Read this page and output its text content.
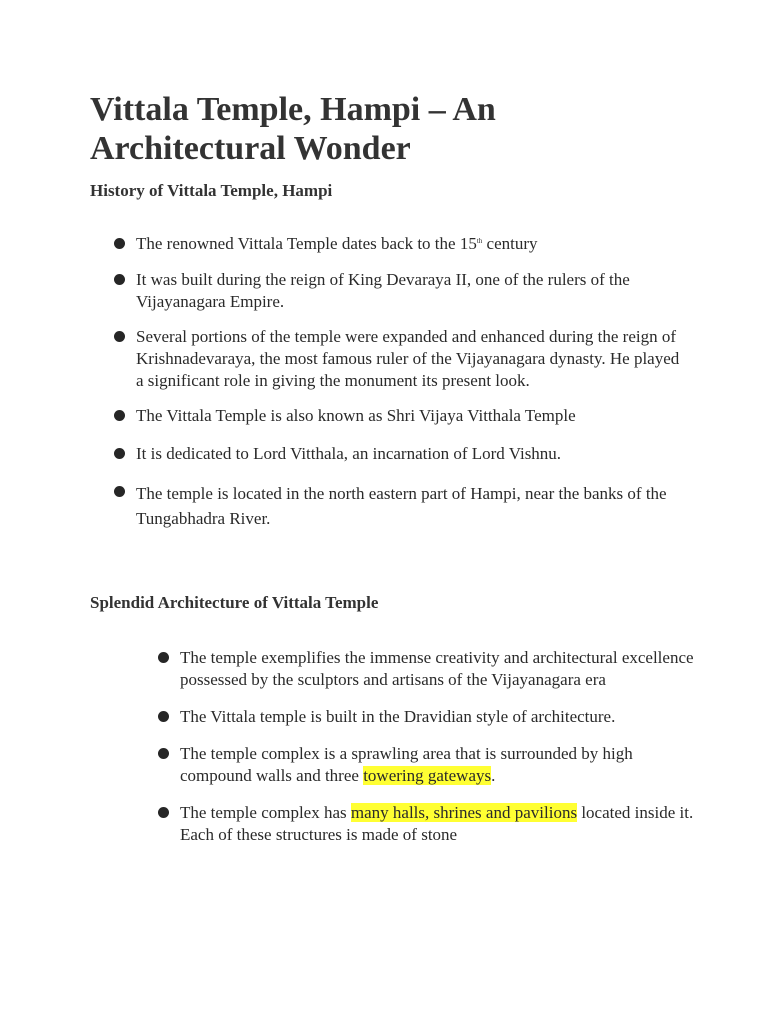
Vittala Temple, Hampi – An Architectural Wonder
History of Vittala Temple, Hampi
The renowned Vittala Temple dates back to the 15th century
It was built during the reign of King Devaraya II, one of the rulers of the Vijayanagara Empire.
Several portions of the temple were expanded and enhanced during the reign of Krishnadevaraya, the most famous ruler of the Vijayanagara dynasty. He played a significant role in giving the monument its present look.
The Vittala Temple is also known as Shri Vijaya Vitthala Temple
It is dedicated to Lord Vitthala, an incarnation of Lord Vishnu.
The temple is located in the north eastern part of Hampi, near the banks of the Tungabhadra River.
Splendid Architecture of Vittala Temple
The temple exemplifies the immense creativity and architectural excellence possessed by the sculptors and artisans of the Vijayanagara era
The Vittala temple is built in the Dravidian style of architecture.
The temple complex is a sprawling area that is surrounded by high compound walls and three towering gateways.
The temple complex has many halls, shrines and pavilions located inside it. Each of these structures is made of stone
